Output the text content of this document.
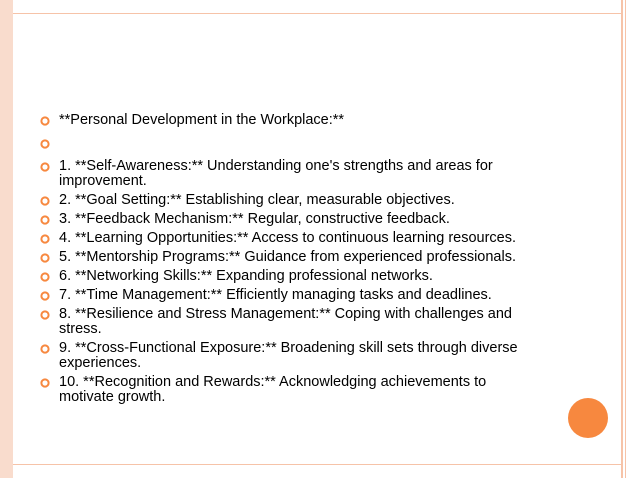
**Personal Development in the Workplace:**
1. **Self-Awareness:** Understanding one's strengths and areas for improvement.
2. **Goal Setting:** Establishing clear, measurable objectives.
3. **Feedback Mechanism:** Regular, constructive feedback.
4. **Learning Opportunities:** Access to continuous learning resources.
5. **Mentorship Programs:** Guidance from experienced professionals.
6. **Networking Skills:** Expanding professional networks.
7. **Time Management:** Efficiently managing tasks and deadlines.
8. **Resilience and Stress Management:** Coping with challenges and stress.
9. **Cross-Functional Exposure:** Broadening skill sets through diverse experiences.
10. **Recognition and Rewards:** Acknowledging achievements to motivate growth.
